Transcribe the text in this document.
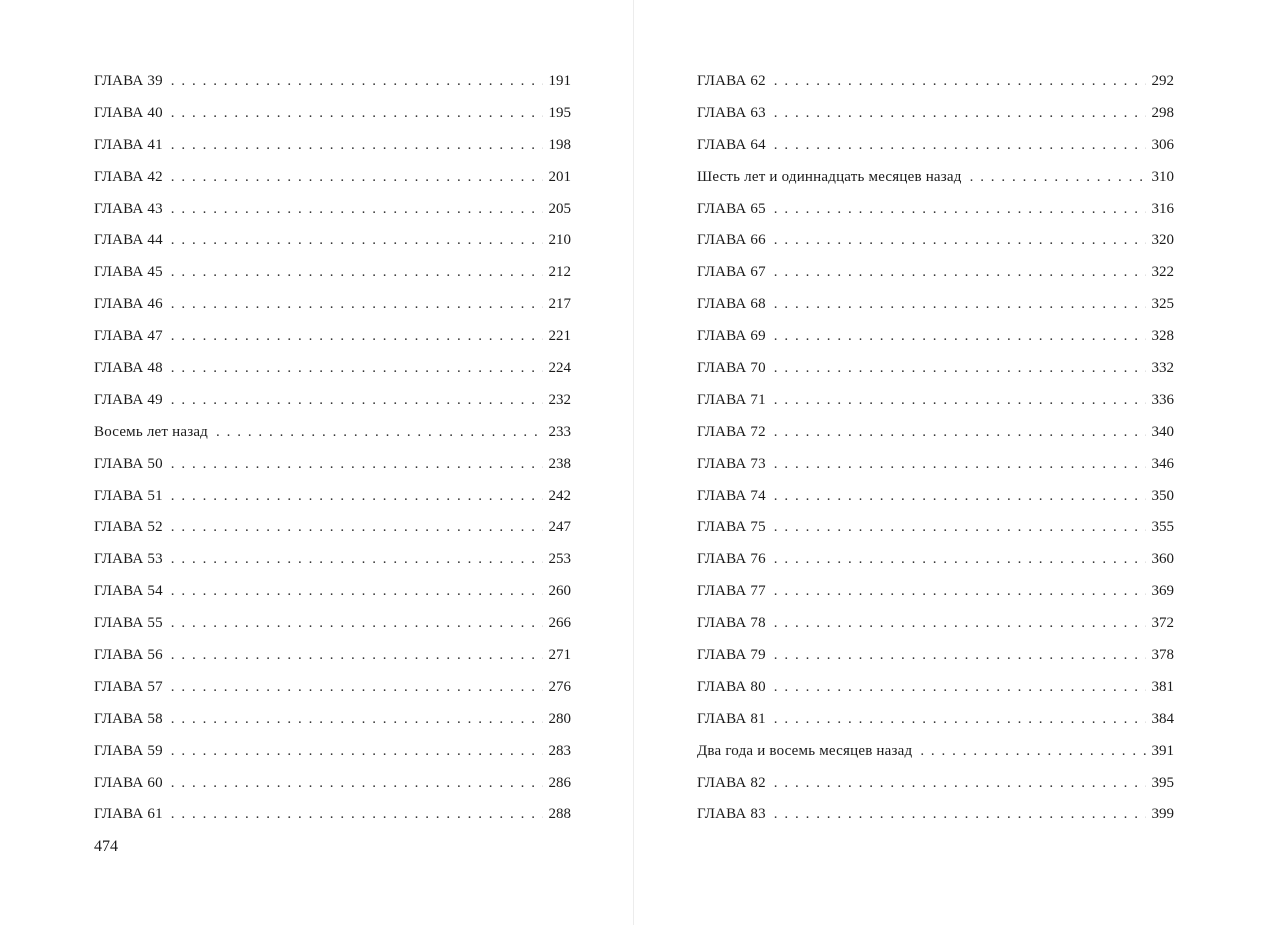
ГЛАВА 39 . . .	191
ГЛАВА 40 . . .	195
ГЛАВА 41 . . .	198
ГЛАВА 42 . . .	201
ГЛАВА 43 . . .	205
ГЛАВА 44 . . .	210
ГЛАВА 45 . . .	212
ГЛАВА 46 . . .	217
ГЛАВА 47 . . .	221
ГЛАВА 48 . . .	224
ГЛАВА 49 . . .	232
Восемь лет назад . . .	233
ГЛАВА 50 . . .	238
ГЛАВА 51 . . .	242
ГЛАВА 52 . . .	247
ГЛАВА 53 . . .	253
ГЛАВА 54 . . .	260
ГЛАВА 55 . . .	266
ГЛАВА 56 . . .	271
ГЛАВА 57 . . .	276
ГЛАВА 58 . . .	280
ГЛАВА 59 . . .	283
ГЛАВА 60 . . .	286
ГЛАВА 61 . . .	288
474
ГЛАВА 62 . . .	292
ГЛАВА 63 . . .	298
ГЛАВА 64 . . .	306
Шесть лет и одиннадцать месяцев назад . . .	310
ГЛАВА 65 . . .	316
ГЛАВА 66 . . .	320
ГЛАВА 67 . . .	322
ГЛАВА 68 . . .	325
ГЛАВА 69 . . .	328
ГЛАВА 70 . . .	332
ГЛАВА 71 . . .	336
ГЛАВА 72 . . .	340
ГЛАВА 73 . . .	346
ГЛАВА 74 . . .	350
ГЛАВА 75 . . .	355
ГЛАВА 76 . . .	360
ГЛАВА 77 . . .	369
ГЛАВА 78 . . .	372
ГЛАВА 79 . . .	378
ГЛАВА 80 . . .	381
ГЛАВА 81 . . .	384
Два года и восемь месяцев назад . . .	391
ГЛАВА 82 . . .	395
ГЛАВА 83 . . .	399
